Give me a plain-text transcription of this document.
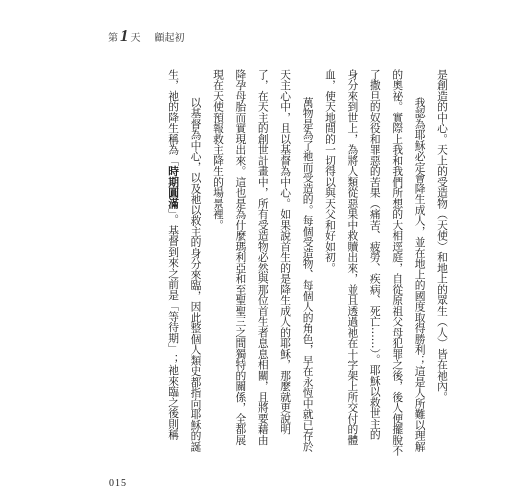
第 1 天 顧起初
是創造的中心。天上的受造物（天使）和地上的眾生（人）皆在祂內。
我認為耶穌必定會降生成人，並在地上的國度取得勝利；這是人所難以理解
的奧祕。實際上我和我們所想的大相逕庭，自從原祖父母犯罪之後，後人便擺脫不
了撒旦的奴役和罪惡的苦果（痛苦、疲勞、疾病、死亡……）。耶穌以救世主的
身分來到世上，為將人類從惡果中救贖出來，並且透過祂在十字架上所交付的體
血，使天地間的一切得以與天父和好如初。
萬物是為了祂而受造的。每個受造物、每個人的角色，早在永恆中就已存於
天主心中，且以基督為中心。如果說首生的是降生成人的耶穌，那麼就更說明
了，在天主的創世計畫中，所有受造物必然與那位首生者息息相關，且將要藉由
降孕母胎而實現出來。這也是為什麼瑪利亞和至聖聖三之間獨特的關係，全都展
現在天使預報救主降生的場景裡。
以基督為中心，以及祂以救主的身分來臨，因此整個人類史都指向耶穌的誕
生，祂的降生稱為「時期圓滿」。基督到來之前是「等待期」；祂來臨之後則稱
015
